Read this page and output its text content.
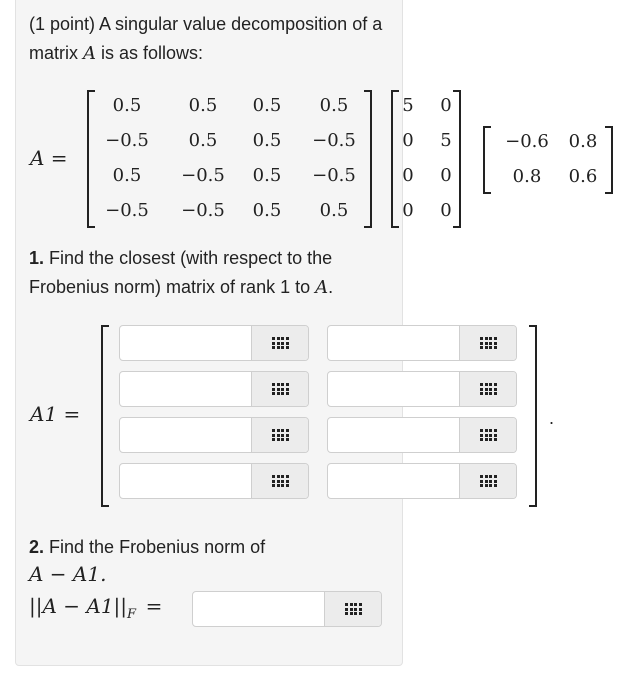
(1 point) A singular value decomposition of a matrix A is as follows:
A =
0.5	0.5	0.5	0.5
−0.5	0.5	0.5	−0.5
0.5	−0.5	0.5	−0.5
−0.5	−0.5	0.5	0.5
5	0
0	5
0	0
0	0
−0.6	0.8
0.8	0.6
1. Find the closest (with respect to the Frobenius norm) matrix of rank 1 to A.
A1 =	.
2. Find the Frobenius norm of
A − A1.
$||A - A1||_F$ =
